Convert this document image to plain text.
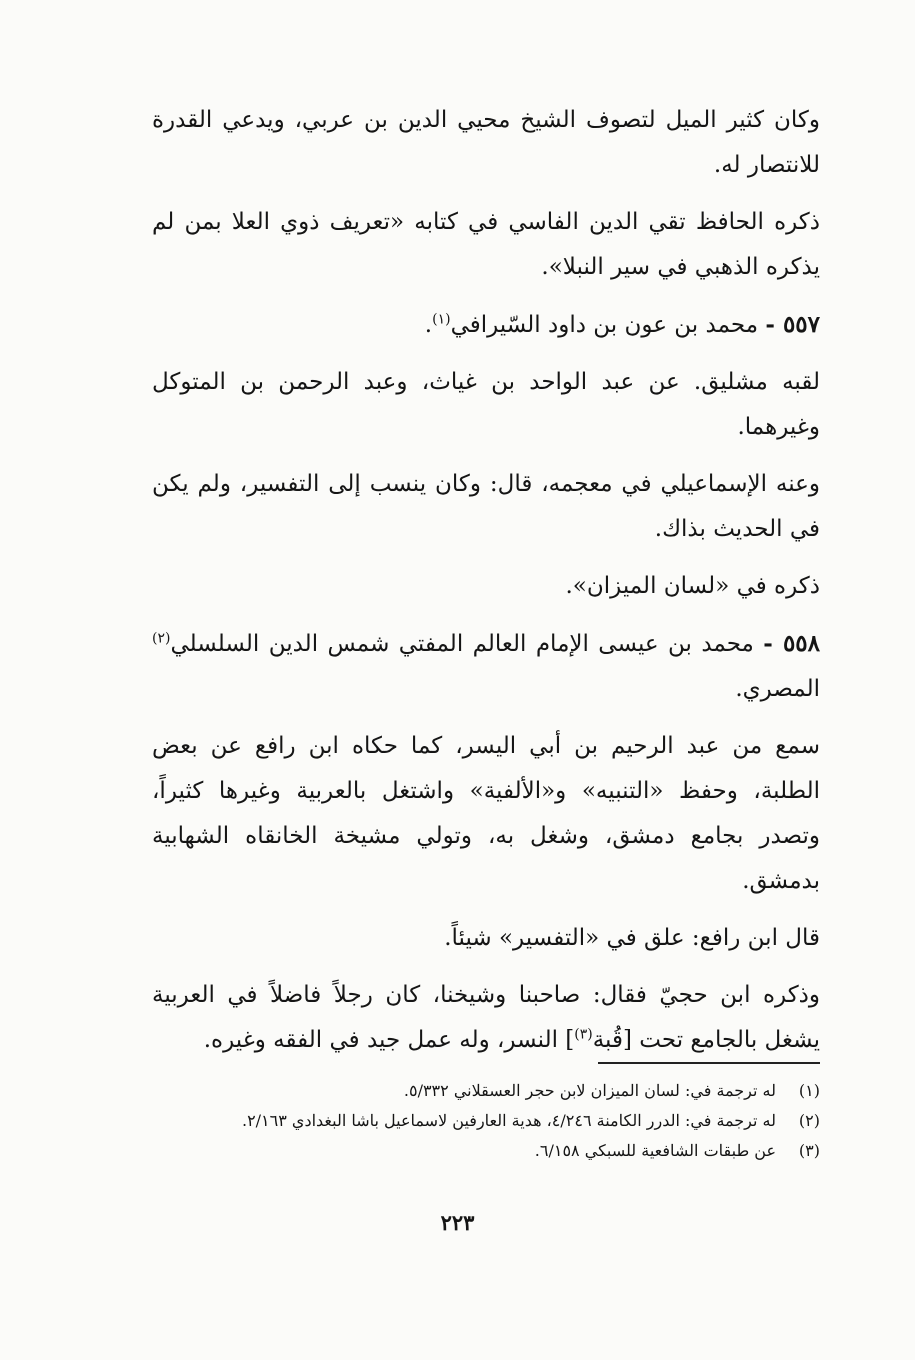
وكان كثير الميل لتصوف الشيخ محيي الدين بن عربي، ويدعي القدرة للانتصار له.

ذكره الحافظ تقي الدين الفاسي في كتابه «تعريف ذوي العلا بمن لم يذكره الذهبي في سير النبلا».

٥٥٧ - محمد بن عون بن داود السّيرافي$^{(١)}$.

لقبه مشليق. عن عبد الواحد بن غياث، وعبد الرحمن بن المتوكل وغيرهما.

وعنه الإسماعيلي في معجمه، قال: وكان ينسب إلى التفسير، ولم يكن في الحديث بذاك.

ذكره في «لسان الميزان».

٥٥٨ - محمد بن عيسى الإمام العالم المفتي شمس الدين السلسلي$^{(٢)}$ المصري.

سمع من عبد الرحيم بن أبي اليسر، كما حكاه ابن رافع عن بعض الطلبة، وحفظ «التنبيه» و«الألفية» واشتغل بالعربية وغيرها كثيراً، وتصدر بجامع دمشق، وشغل به، وتولي مشيخة الخانقاه الشهابية بدمشق.

قال ابن رافع: علق في «التفسير» شيئاً.

وذكره ابن حجيّ فقال: صاحبنا وشيخنا، كان رجلاً فاضلاً في العربية يشغل بالجامع تحت [قُبة$^{(٣)}$] النسر، وله عمل جيد في الفقه وغيره.

(١)
له ترجمة في: لسان الميزان لابن حجر العسقلاني ٥/٣٣٢.
(٢)
له ترجمة في: الدرر الكامنة ٤/٢٤٦، هدية العارفين لاسماعيل باشا البغدادي ٢/١٦٣.
(٣)
عن طبقات الشافعية للسبكي ٦/١٥٨.
٢٢٣
